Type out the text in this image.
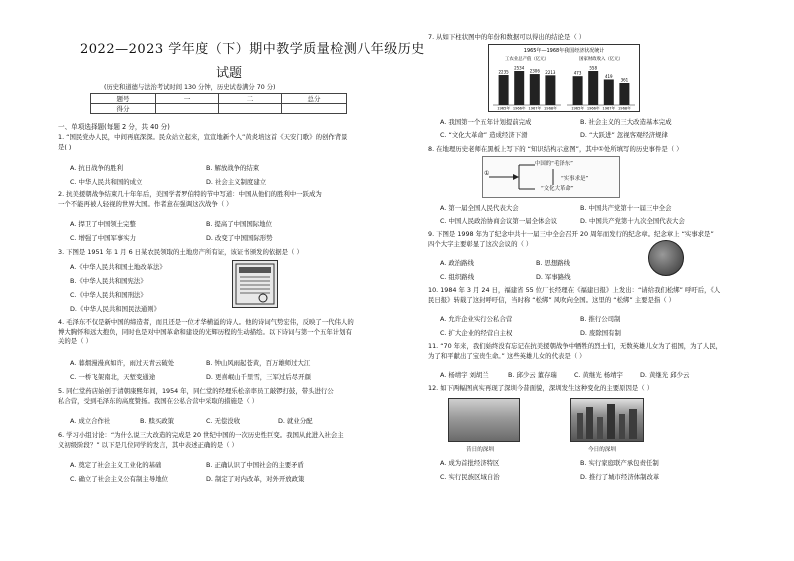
2022—2023 学年度（下）期中教学质量检测八年级历史
试题
(历史和道德与法治考试时间 130 分钟，历史试卷满分 70 分)
题号	一	二	总分
得分			
一、单项选择题(每题 2 分，共 40 分)
1. “国民党办人民，中间再底深深。民众站立起来，宣宣地新个人”黄炎培这首《天安门歌》的创作背景
是( )
A. 抗日战争的胜利	B. 解放战争的结束
C. 中华人民共和国的成立	D. 社会主义制度建立
2. 抗美援朝战争结束几十年年后，美国学者罗伯特的节中写道：中国从他们的胜利中一跃成为
一个不能再被人轻视的世界大国。作者意在强调这次战争（ ）
A. 捍卫了中国领土完整	B. 提高了中国国际地位
C. 增强了中国军事实力	D. 改变了中国国际形势
3. 下图是 1951 年 1 月 6 日某农民领取的土地房产所有证，该证书颁发的依据是（ ）
A.《中华人民共和国土地改革法》
B.《中华人民共和国宪法》
C.《中华人民共和国刑法》
D.《中华人民共和国民法通则》
4. 毛泽东不仅是新中国的缔造者，而且还是一位才华横溢的诗人。他的诗词气势宏伟，反映了一代伟人的
博大胸怀和远大抱负，同时也是对中国革命和建设的光辉历程的生动描绘。以下诗词与第一个五年计划有
关的是（ ）
A. 暮烟漫漫真如许，雨过天青云破处	B. 钟山风雨起苍黄，百万雄师过大江
C. 一桥飞架南北，天堑变通途	D. 更喜岷山千里雪，三军过后尽开颜
5. 同仁堂药店始创于清朝康熙年间，1954 年，同仁堂的经理乐松亲率员工敲锣打鼓，带头进行公
私合营，受到毛泽东的高度赞扬。我国在公私合营中采取的措施是（ ）
A. 成立合作社	B. 赎买政策	C. 无偿没收	D. 就业分配
6. 学习小组讨论：“为什么说三大改造的完成是 20 世纪中国的一次历史性巨变。我国从此进入社会主
义初级阶段？” 以下是几位同学的发言，其中表述正确的是（ ）
A. 奠定了社会主义工业化的基础	B. 正确认识了中国社会的主要矛盾
C. 确立了社会主义公有制主导地位	D. 制定了对内改革，对外开放政策
7. 从如下柱状图中的年份和数据可以得出的结论是（ ）
1965年—1968年我国经济状况统计
工农业总产值（亿元）
2235
1965年
2534
1966年
2306
1967年
2213
1968年
国家财政收入（亿元）
473
1965年
558
1966年
419
1967年
361
1968年
A. 我国第一个五年计划提前完成	B. 社会主义的三大改造基本完成
C. “文化大革命” 造成经济下滑	D. “大跃进” 忽视客观经济规律
8. 在地理历史老师在黑板上写下的 “知识结构示意图”，其中①处所填写的历史事件是（ ）
中国的“毛泽东”
“实事求是”
“文化大革命”
①
A. 第一届全国人民代表大会	B. 中国共产党第十一届三中全会
C. 中国人民政治协商会议第一届全体会议	D. 中国共产党第十九次全国代表大会
9. 下图是 1998 年为了纪念中共十一届三中全会召开 20 周年而发行的纪念章。纪念章上 “实事求是”
四个大字主要彰显了这次会议的（ ）
A. 政治路线	B. 思想路线
C. 组织路线	D. 军事路线
10. 1984 年 3 月 24 日，福建省 55 位厂长经理在《福建日报》上发出：“请给我们松绑” 呼吁后，《人
民日报》转载了这封呼吁信，当时称 “松绑” 风吹向全国。这里的 “松绑” 主要是指（ ）
A. 允许企业实行公私合营	B. 推行公司制
C. 扩大企业的经营自主权	D. 废除国有制
11. “70 年来，我们始终没有忘记在抗美援朝战争中牺牲的烈士们，无数英雄儿女为了祖国，为了人民，
为了和平献出了宝贵生命。” 这些英雄儿女的代表是（ ）
A. 杨靖宇 刘胡兰	B. 邱少云 董存瑞	C. 黄继光 杨靖宇	D. 黄继光 邱少云
12. 如下两幅图真实再现了深圳今昔面貌，深圳发生这种变化的主要原因是（ ）
昔日的深圳	今日的深圳
A. 成为首批经济特区	B. 实行家庭联产承包责任制
C. 实行民族区域自治	D. 推行了城市经济体制改革
